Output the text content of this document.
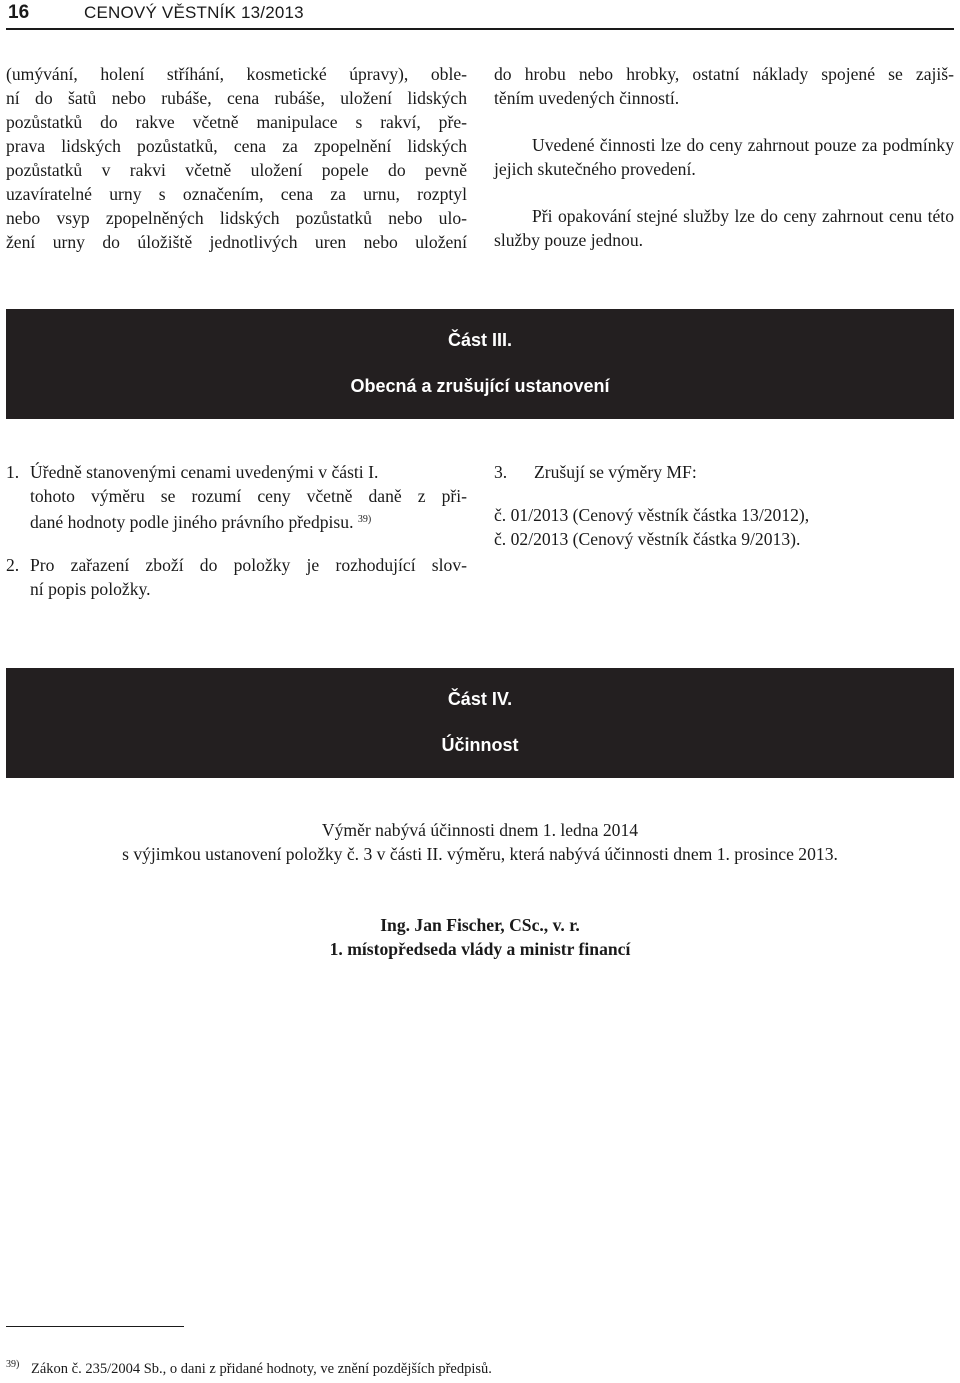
16	CENOVÝ VĚSTNÍK 13/2013
(umývání, holení stříhání, kosmetické úpravy), oble-
ní do šatů nebo rubáše, cena rubáše, uložení lidských
pozůstatků do rakve včetně manipulace s rakví, pře-
prava lidských pozůstatků, cena za zpopelnění lidských
pozůstatků v rakvi včetně uložení popele do pevně
uzavíratelné urny s označením, cena za urnu, rozptyl
nebo vsyp zpopelněných lidských pozůstatků nebo ulo-
žení urny do úložiště jednotlivých uren nebo uložení
do hrobu nebo hrobky, ostatní náklady spojené se zajiš-
těním uvedených činností.

Uvedené činnosti lze do ceny zahrnout pouze za podmínky jejich skutečného provedení.

Při opakování stejné služby lze do ceny zahrnout cenu této služby pouze jednou.

Část III.
Obecná a zrušující ustanovení
1. Úředně stanovenými cenami uvedenými v části I.
tohoto výměru se rozumí ceny včetně daně z při-
dané hodnoty podle jiného právního předpisu. $^{39)}$
2. Pro zařazení zboží do položky je rozhodující slov-
ní popis položky.
3. Zrušují se výměry MF:
č. 01/2013 (Cenový věstník částka 13/2012),
č. 02/2013 (Cenový věstník částka 9/2013).
Část IV.
Účinnost
Výměr nabývá účinnosti dnem 1. ledna 2014
s výjimkou ustanovení položky č. 3 v části II. výměru, která nabývá účinnosti dnem 1. prosince 2013.
Ing. Jan Fischer, CSc., v. r.
1. místopředseda vlády a ministr financí
$^{39)}$ Zákon č. 235/2004 Sb., o dani z přidané hodnoty, ve znění pozdějších předpisů.
